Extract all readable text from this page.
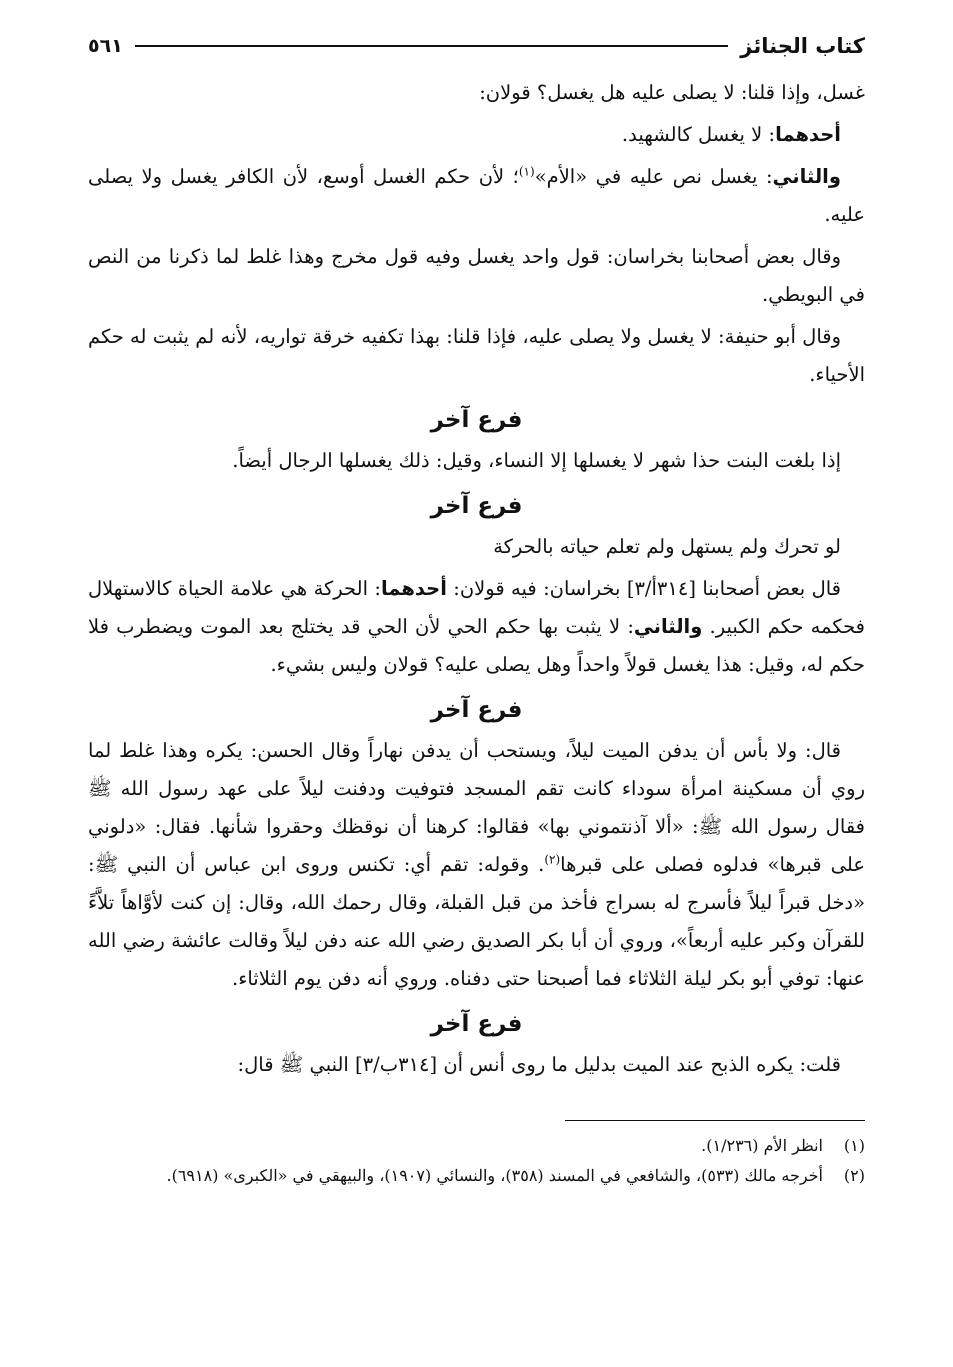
كتاب الجنائز
٥٦١

غسل، وإذا قلنا: لا يصلى عليه هل يغسل؟ قولان:

أحدهما: لا يغسل كالشهيد.

والثاني: يغسل نص عليه في «الأم»$^{(١)}$؛ لأن حكم الغسل أوسع، لأن الكافر يغسل ولا يصلى عليه.

وقال بعض أصحابنا بخراسان: قول واحد يغسل وفيه قول مخرج وهذا غلط لما ذكرنا من النص في البويطي.

وقال أبو حنيفة: لا يغسل ولا يصلى عليه، فإذا قلنا: بهذا تكفيه خرقة تواريه، لأنه لم يثبت له حكم الأحياء.

فرع آخر

إذا بلغت البنت حذا شهر لا يغسلها إلا النساء، وقيل: ذلك يغسلها الرجال أيضاً.

فرع آخر

لو تحرك ولم يستهل ولم تعلم حياته بالحركة

قال بعض أصحابنا [٣١٤أ/٣] بخراسان: فيه قولان: أحدهما: الحركة هي علامة الحياة كالاستهلال فحكمه حكم الكبير. والثاني: لا يثبت بها حكم الحي لأن الحي قد يختلج بعد الموت ويضطرب فلا حكم له، وقيل: هذا يغسل قولاً واحداً وهل يصلى عليه؟ قولان وليس بشيء.

فرع آخر

قال: ولا بأس أن يدفن الميت ليلاً، ويستحب أن يدفن نهاراً وقال الحسن: يكره وهذا غلط لما روي أن مسكينة امرأة سوداء كانت تقم المسجد فتوفيت ودفنت ليلاً على عهد رسول الله ﷺ فقال رسول الله ﷺ: «ألا آذنتموني بها» فقالوا: كرهنا أن نوقظك وحقروا شأنها. فقال: «دلوني على قبرها» فدلوه فصلى على قبرها$^{(٢)}$. وقوله: تقم أي: تكنس وروى ابن عباس أن النبي ﷺ: «دخل قبراً ليلاً فأسرج له بسراج فأخذ من قبل القبلة، وقال رحمك الله، وقال: إن كنت لأوَّاهاً تلاَّءً للقرآن وكبر عليه أربعاً»، وروي أن أبا بكر الصديق رضي الله عنه دفن ليلاً وقالت عائشة رضي الله عنها: توفي أبو بكر ليلة الثلاثاء فما أصبحنا حتى دفناه. وروي أنه دفن يوم الثلاثاء.

فرع آخر

قلت: يكره الذبح عند الميت بدليل ما روى أنس أن [٣١٤ب/٣] النبي ﷺ قال:

(١)
انظر الأم (١/٢٣٦).
(٢)
أخرجه مالك (٥٣٣)، والشافعي في المسند (٣٥٨)، والنسائي (١٩٠٧)، والبيهقي في «الكبرى» (٦٩١٨).
